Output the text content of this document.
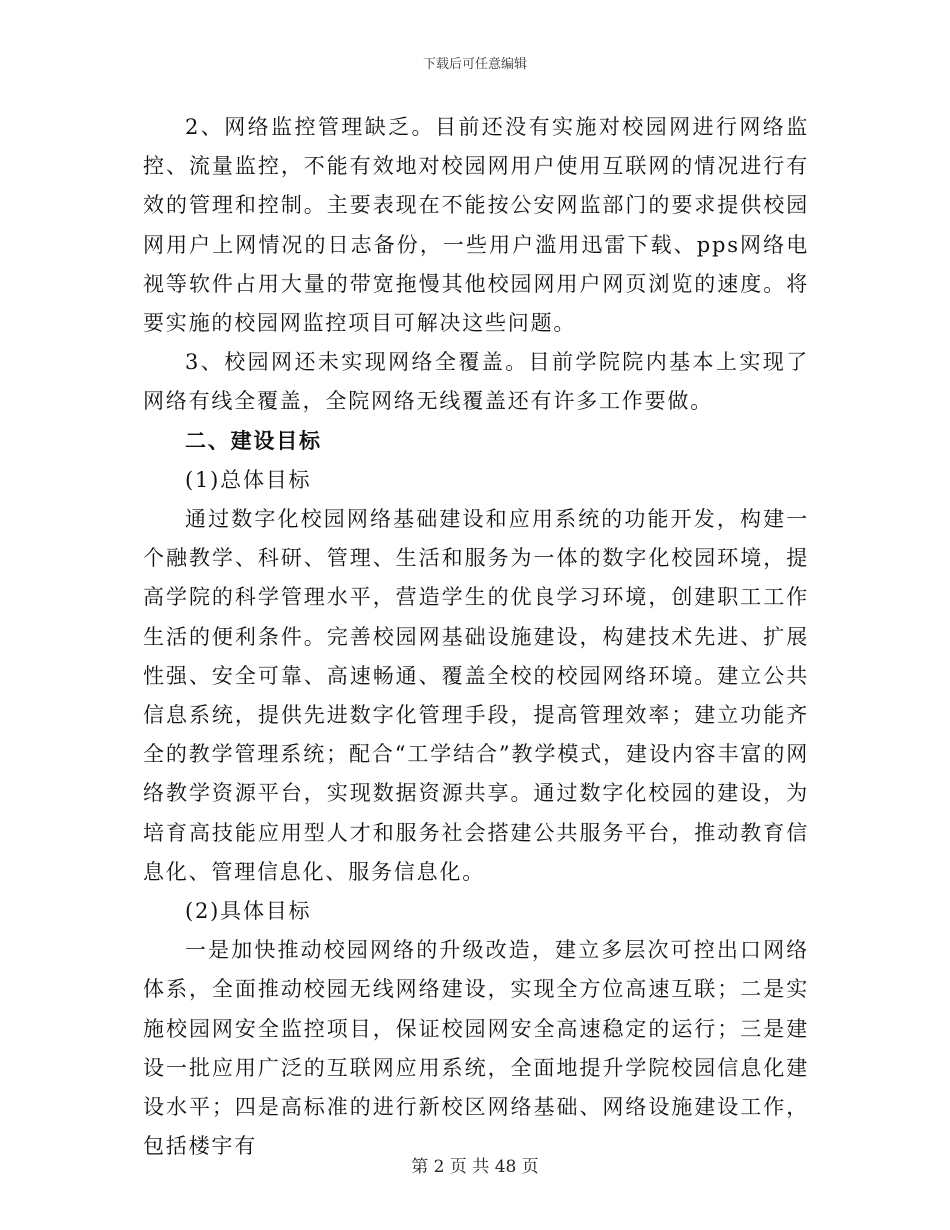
下载后可任意编辑

2、网络监控管理缺乏。目前还没有实施对校园网进行网络监控、流量监控，不能有效地对校园网用户使用互联网的情况进行有效的管理和控制。主要表现在不能按公安网监部门的要求提供校园网用户上网情况的日志备份，一些用户滥用迅雷下载、pps网络电视等软件占用大量的带宽拖慢其他校园网用户网页浏览的速度。将要实施的校园网监控项目可解决这些问题。

3、校园网还未实现网络全覆盖。目前学院院内基本上实现了网络有线全覆盖，全院网络无线覆盖还有许多工作要做。

二、建设目标

(1)总体目标

通过数字化校园网络基础建设和应用系统的功能开发，构建一个融教学、科研、管理、生活和服务为一体的数字化校园环境，提高学院的科学管理水平，营造学生的优良学习环境，创建职工工作生活的便利条件。完善校园网基础设施建设，构建技术先进、扩展性强、安全可靠、高速畅通、覆盖全校的校园网络环境。建立公共信息系统，提供先进数字化管理手段，提高管理效率；建立功能齐全的教学管理系统；配合“工学结合”教学模式，建设内容丰富的网络教学资源平台，实现数据资源共享。通过数字化校园的建设，为培育高技能应用型人才和服务社会搭建公共服务平台，推动教育信息化、管理信息化、服务信息化。

(2)具体目标

一是加快推动校园网络的升级改造，建立多层次可控出口网络体系，全面推动校园无线网络建设，实现全方位高速互联；二是实施校园网安全监控项目，保证校园网安全高速稳定的运行；三是建设一批应用广泛的互联网应用系统，全面地提升学院校园信息化建设水平；四是高标准的进行新校区网络基础、网络设施建设工作，包括楼宇有

第 2 页 共 48 页
